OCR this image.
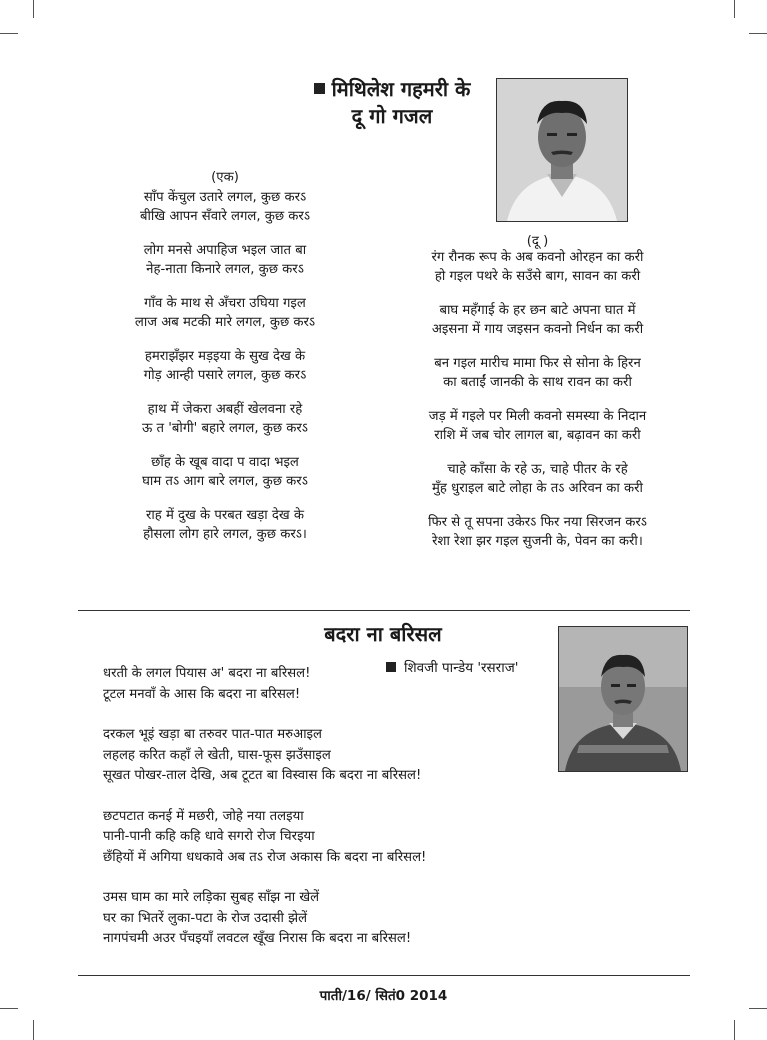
मिथिलेश गहमरी के
दू गो गजल
(एक)
साँप केंचुल उतारे लगल, कुछ करऽ
बीखि आपन सँवारे लगल, कुछ करऽ
लोग मनसे अपाहिज भइल जात बा
नेह-नाता किनारे लगल, कुछ करऽ
गाँव के माथ से अँचरा उघिया गइल
लाज अब मटकी मारे लगल, कुछ करऽ
हमराझँझर मड़इया के सुख देख के
गोड़ आन्ही पसारे लगल, कुछ करऽ
हाथ में जेकरा अबहीं खेलवना रहे
ऊ त 'बोगी' बहारे लगल, कुछ करऽ
छाँह के खूब वादा प वादा भइल
घाम तऽ आग बारे लगल, कुछ करऽ
राह में दुख के परबत खड़ा देख के
हौसला लोग हारे लगल, कुछ करऽ।
(दू )
रंग रौनक रूप के अब कवनो ओरहन का करी
हो गइल पथरे के सउँसे बाग, सावन का करी
बाघ महँगाई के हर छन बाटे अपना घात में
अइसना में गाय जइसन कवनो निर्धन का करी
बन गइल मारीच मामा फिर से सोना के हिरन
का बताईं जानकी के साथ रावन का करी
जड़ में गइले पर मिली कवनो समस्या के निदान
राशि में जब चोर लागल बा, बढ़ावन का करी
चाहे काँसा के रहे ऊ, चाहे पीतर के रहे
मुँह धुराइल बाटे लोहा के तऽ अरिवन का करी
फिर से तू सपना उकेरऽ फिर नया सिरजन करऽ
रेशा रेशा झर गइल सुजनी के, पेवन का करी।
बदरा ना बरिसल
शिवजी पान्डेय 'रसराज'
धरती के लगल पियास अ' बदरा ना बरिसल!
टूटल मनवाँ के आस कि बदरा ना बरिसल!
दरकल भूइं खड़ा बा तरुवर पात-पात मरुआइल
लहलह करित कहाँ ले खेती, घास-फूस झउँसाइल
सूखत पोखर-ताल देखि, अब टूटत बा विस्वास कि बदरा ना बरिसल!
छटपटात कनई में मछरी, जोहे नया तलइया
पानी-पानी कहि कहि धावे सगरो रोज चिरइया
छँहियों में अगिया धधकावे अब तऽ रोज अकास कि बदरा ना बरिसल!
उमस घाम का मारे लड़िका सुबह साँझ ना खेलें
घर का भितरें लुका-पटा के रोज उदासी झेलें
नागपंचमी अउर पँचइयाँ लवटल खूँख निरास कि बदरा ना बरिसल!
पाती/16/ सितं0 2014
